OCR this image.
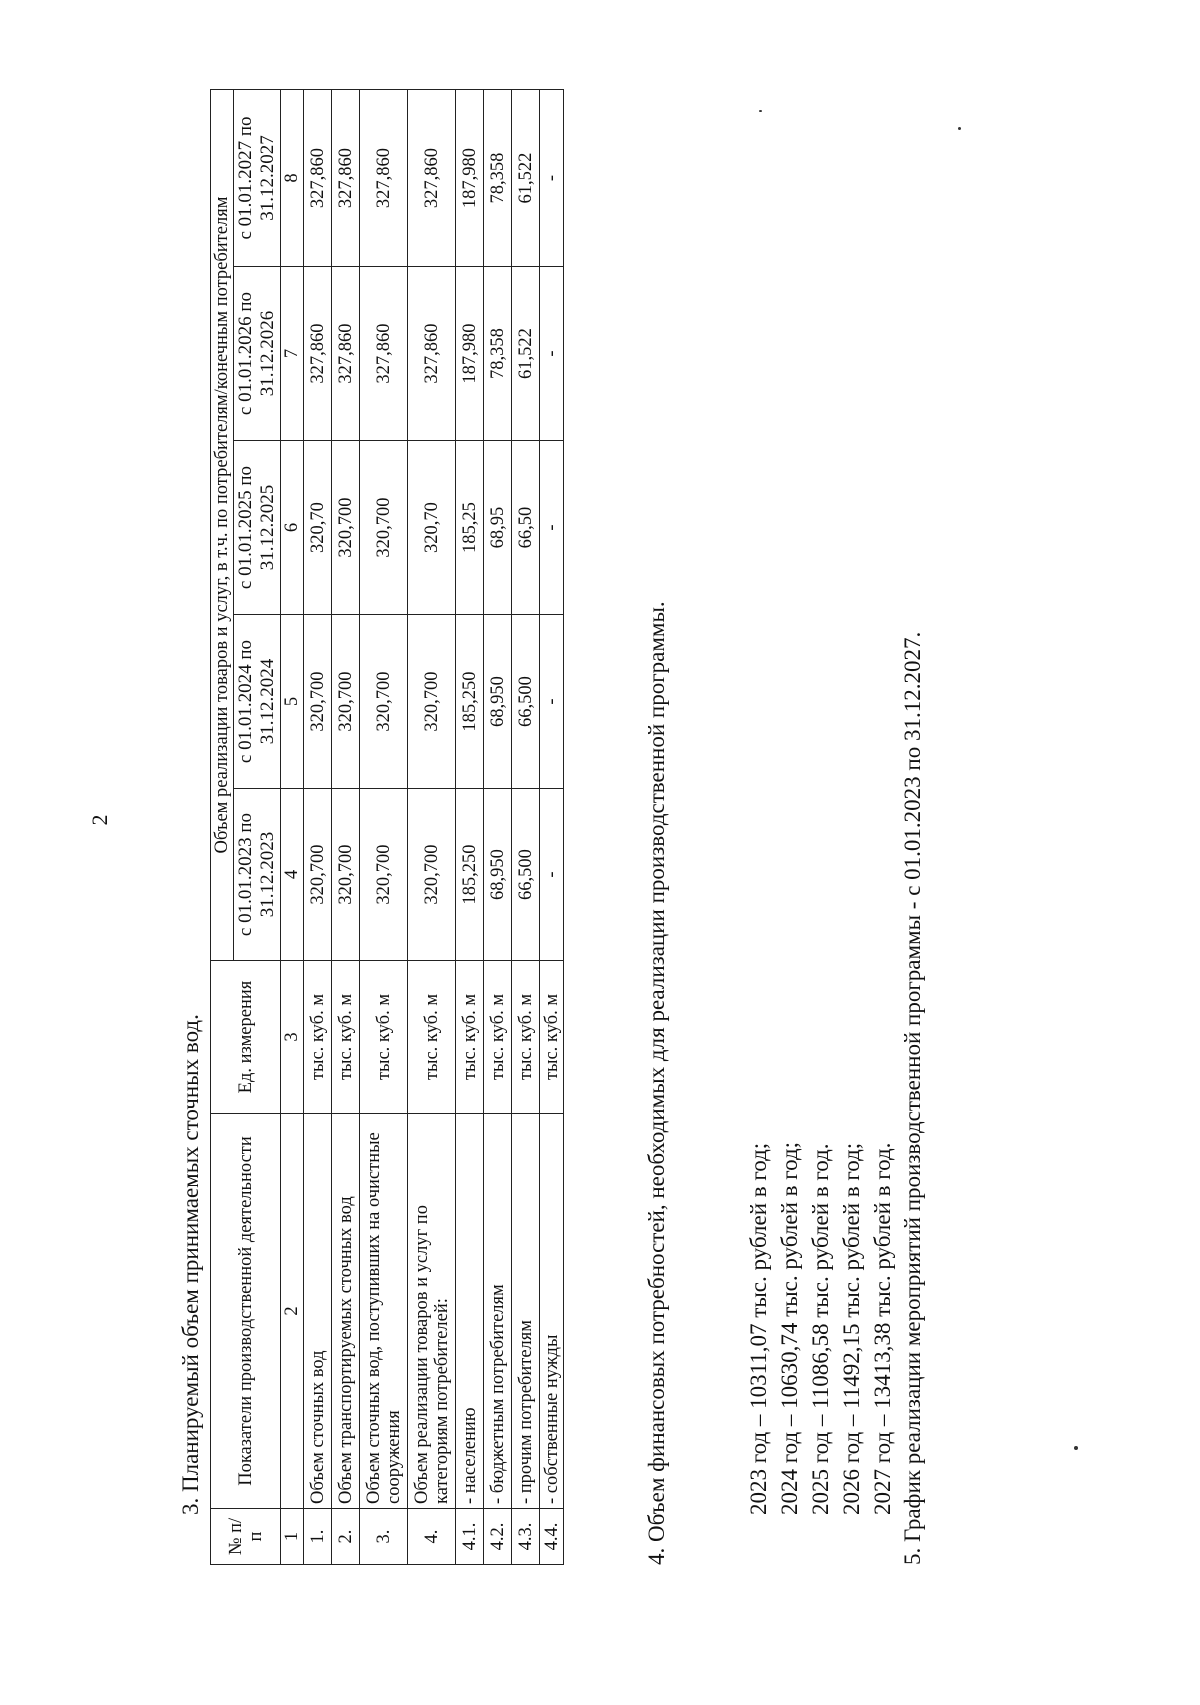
2
3. Планируемый объем принимаемых сточных вод.
№ п/п	Показатели производственной деятельности	Ед. измерения	Объем реализации товаров и услуг, в т.ч. по потребителям/конечным потребителям				
			с 01.01.2023 по 31.12.2023	с 01.01.2024 по 31.12.2024	с 01.01.2025 по 31.12.2025	с 01.01.2026 по 31.12.2026	с 01.01.2027 по 31.12.2027
1	2	3	4	5	6	7	8
1.	Объем сточных вод	тыс. куб. м	320,700	320,700	320,70	327,860	327,860
2.	Объем транспортируемых сточных вод	тыс. куб. м	320,700	320,700	320,700	327,860	327,860
3.	Объем сточных вод, поступивших на очистные сооружения	тыс. куб. м	320,700	320,700	320,700	327,860	327,860
4.	Объем реализации товаров и услуг по категориям потребителей:	тыс. куб. м	320,700	320,700	320,70	327,860	327,860
4.1.	- населению	тыс. куб. м	185,250	185,250	185,25	187,980	187,980
4.2.	- бюджетным потребителям	тыс. куб. м	68,950	68,950	68,95	78,358	78,358
4.3.	- прочим потребителям	тыс. куб. м	66,500	66,500	66,50	61,522	61,522
4.4.	- собственные нужды	тыс. куб. м	-	-	-	-	-
4. Объем финансовых потребностей, необходимых для реализации производственной программы.	2023 год – 10311,07 тыс. рублей в год; 2024 год – 10630,74 тыс. рублей в год; 2025 год – 11086,58 тыс. рублей в год. 2026 год – 11492,15 тыс. рублей в год; 2027 год – 13413,38 тыс. рублей в год. 5. График реализации мероприятий производственной программы - с 01.01.2023 по 31.12.2027.
